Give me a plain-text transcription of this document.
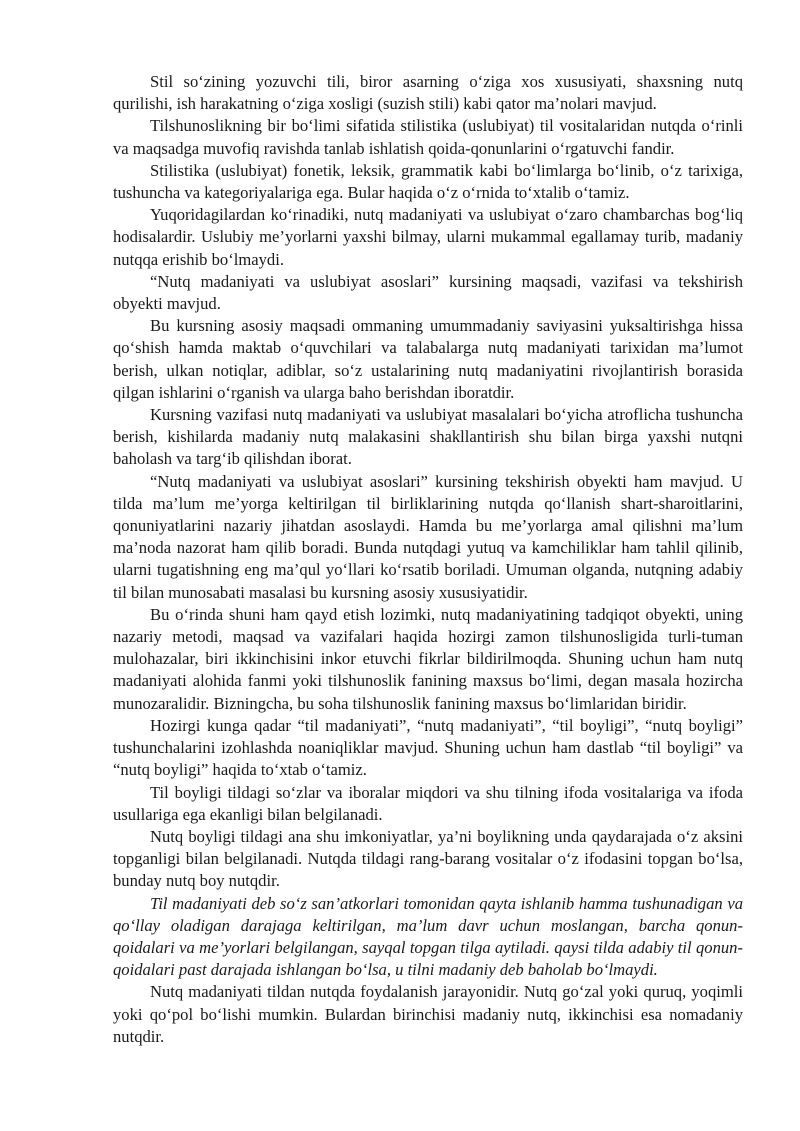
Stil so‘zining yozuvchi tili, biror asarning o‘ziga xos xususiyati, shaxsning nutq qurilishi, ish harakatning o‘ziga xosligi (suzish stili) kabi qator ma’nolari mavjud.

Tilshunoslikning bir bo‘limi sifatida stilistika (uslubiyat) til vositalaridan nutqda o‘rinli va maqsadga muvofiq ravishda tanlab ishlatish qoida-qonunlarini o‘rgatuvchi fandir.

Stilistika (uslubiyat) fonetik, leksik, grammatik kabi bo‘limlarga bo‘linib, o‘z tarixiga, tushuncha va kategoriyalariga ega. Bular haqida o‘z o‘rnida to‘xtalib o‘tamiz.

Yuqoridagilardan ko‘rinadiki, nutq madaniyati va uslubiyat o‘zaro chambarchas bog‘liq hodisalardir. Uslubiy me’yorlarni yaxshi bilmay, ularni mukammal egallamay turib, madaniy nutqqa erishib bo‘lmaydi.

“Nutq madaniyati va uslubiyat asoslari” kursining maqsadi, vazifasi va tekshirish obyekti mavjud.

Bu kursning asosiy maqsadi ommaning umummadaniy saviyasini yuksaltirishga hissa qo‘shish hamda maktab o‘quvchilari va talabalarga nutq madaniyati tarixidan ma’lumot berish, ulkan notiqlar, adiblar, so‘z ustalarining nutq madaniyatini rivojlantirish borasida qilgan ishlarini o‘rganish va ularga baho berishdan iboratdir.

Kursning vazifasi nutq madaniyati va uslubiyat masalalari bo‘yicha atroflicha tushuncha berish, kishilarda madaniy nutq malakasini shakllantirish shu bilan birga yaxshi nutqni baholash va targ‘ib qilishdan iborat.

“Nutq madaniyati va uslubiyat asoslari” kursining tekshirish obyekti ham mavjud. U tilda ma’lum me’yorga keltirilgan til birliklarining nutqda qo‘llanish shart-sharoitlarini, qonuniyatlarini nazariy jihatdan asoslaydi. Hamda bu me’yorlarga amal qilishni ma’lum ma’noda nazorat ham qilib boradi. Bunda nutqdagi yutuq va kamchiliklar ham tahlil qilinib, ularni tugatishning eng ma’qul yo‘llari ko‘rsatib boriladi. Umuman olganda, nutqning adabiy til bilan munosabati masalasi bu kursning asosiy xususiyatidir.

Bu o‘rinda shuni ham qayd etish lozimki, nutq madaniyatining tadqiqot obyekti, uning nazariy metodi, maqsad va vazifalari haqida hozirgi zamon tilshunosligida turli-tuman mulohazalar, biri ikkinchisini inkor etuvchi fikrlar bildirilmoqda. Shuning uchun ham nutq madaniyati alohida fanmi yoki tilshunoslik fanining maxsus bo‘limi, degan masala hozircha munozaralidir. Bizningcha, bu soha tilshunoslik fanining maxsus bo‘limlaridan biridir.

Hozirgi kunga qadar “til madaniyati”, “nutq madaniyati”, “til boyligi”, “nutq boyligi” tushunchalarini izohlashda noaniqliklar mavjud. Shuning uchun ham dastlab “til boyligi” va “nutq boyligi” haqida to‘xtab o‘tamiz.

Til boyligi tildagi so‘zlar va iboralar miqdori va shu tilning ifoda vositalariga va ifoda usullariga ega ekanligi bilan belgilanadi.

Nutq boyligi tildagi ana shu imkoniyatlar, ya’ni boylikning unda qaydarajada o‘z aksini topganligi bilan belgilanadi. Nutqda tildagi rang-barang vositalar o‘z ifodasini topgan bo‘lsa, bunday nutq boy nutqdir.

Til madaniyati deb so‘z san’atkorlari tomonidan qayta ishlanib hamma tushunadigan va qo‘llay oladigan darajaga keltirilgan, ma’lum davr uchun moslangan, barcha qonun-qoidalari va me’yorlari belgilangan, sayqal topgan tilga aytiladi. qaysi tilda adabiy til qonun-qoidalari past darajada ishlangan bo‘lsa, u tilni madaniy deb baholab bo‘lmaydi.

Nutq madaniyati tildan nutqda foydalanish jarayonidir. Nutq go‘zal yoki quruq, yoqimli yoki qo‘pol bo‘lishi mumkin. Bulardan birinchisi madaniy nutq, ikkinchisi esa nomadaniy nutqdir.
